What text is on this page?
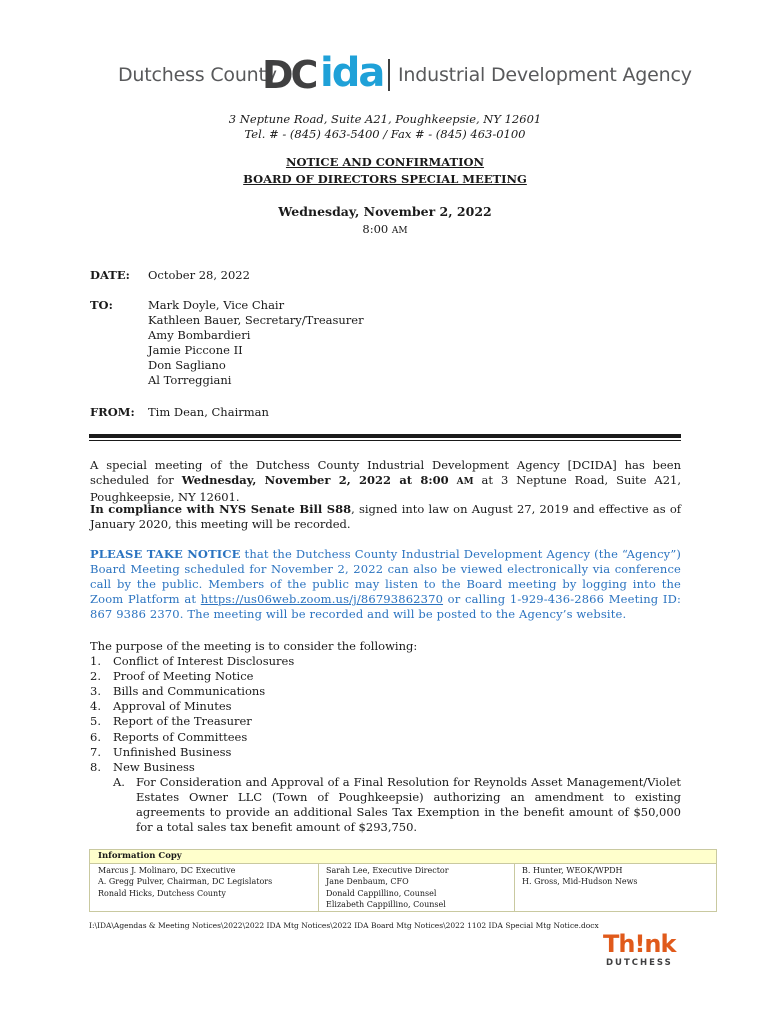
Dutchess County
DC ida Industrial Development Agency
3 Neptune Road, Suite A21, Poughkeepsie, NY 12601
Tel. # - (845) 463-5400 / Fax # - (845) 463-0100
NOTICE AND CONFIRMATION
BOARD OF DIRECTORS SPECIAL MEETING
Wednesday, November 2, 2022
8:00 AM
DATE: October 28, 2022
TO:	Mark Doyle, Vice Chair
Kathleen Bauer, Secretary/Treasurer
Amy Bombardieri
Jamie Piccone II
Don Sagliano
Al Torreggiani
FROM: Tim Dean, Chairman
A special meeting of the Dutchess County Industrial Development Agency [DCIDA] has been scheduled for Wednesday, November 2, 2022 at 8:00 AM at 3 Neptune Road, Suite A21, Poughkeepsie, NY 12601.
In compliance with NYS Senate Bill S88, signed into law on August 27, 2019 and effective as of January 2020, this meeting will be recorded.
PLEASE TAKE NOTICE that the Dutchess County Industrial Development Agency (the “Agency”) Board Meeting scheduled for November 2, 2022 can also be viewed electronically via conference call by the public. Members of the public may listen to the Board meeting by logging into the Zoom Platform at https://us06web.zoom.us/j/86793862370 or calling 1-929-436-2866 Meeting ID: 867 9386 2370. The meeting will be recorded and will be posted to the Agency’s website.
The purpose of the meeting is to consider the following:
1. Conflict of Interest Disclosures
2. Proof of Meeting Notice
3. Bills and Communications
4. Approval of Minutes
5. Report of the Treasurer
6. Reports of Committees
7. Unfinished Business
8. New Business
A. For Consideration and Approval of a Final Resolution for Reynolds Asset Management/Violet Estates Owner LLC (Town of Poughkeepsie) authorizing an amendment to existing agreements to provide an additional Sales Tax Exemption in the benefit amount of $50,000 for a total sales tax benefit amount of $293,750.
Information Copy
Marcus J. Molinaro, DC Executive
A. Gregg Pulver, Chairman, DC Legislators
Ronald Hicks, Dutchess County
Sarah Lee, Executive Director
Jane Denbaum, CFO
Donald Cappillino, Counsel
Elizabeth Cappillino, Counsel
B. Hunter, WEOK/WPDH
H. Gross, Mid-Hudson News
I:\IDA\Agendas & Meeting Notices\2022\2022 IDA Mtg Notices\2022 IDA Board Mtg Notices\2022 1102 IDA Special Mtg Notice.docx
Th!nk
DUTCHESS
